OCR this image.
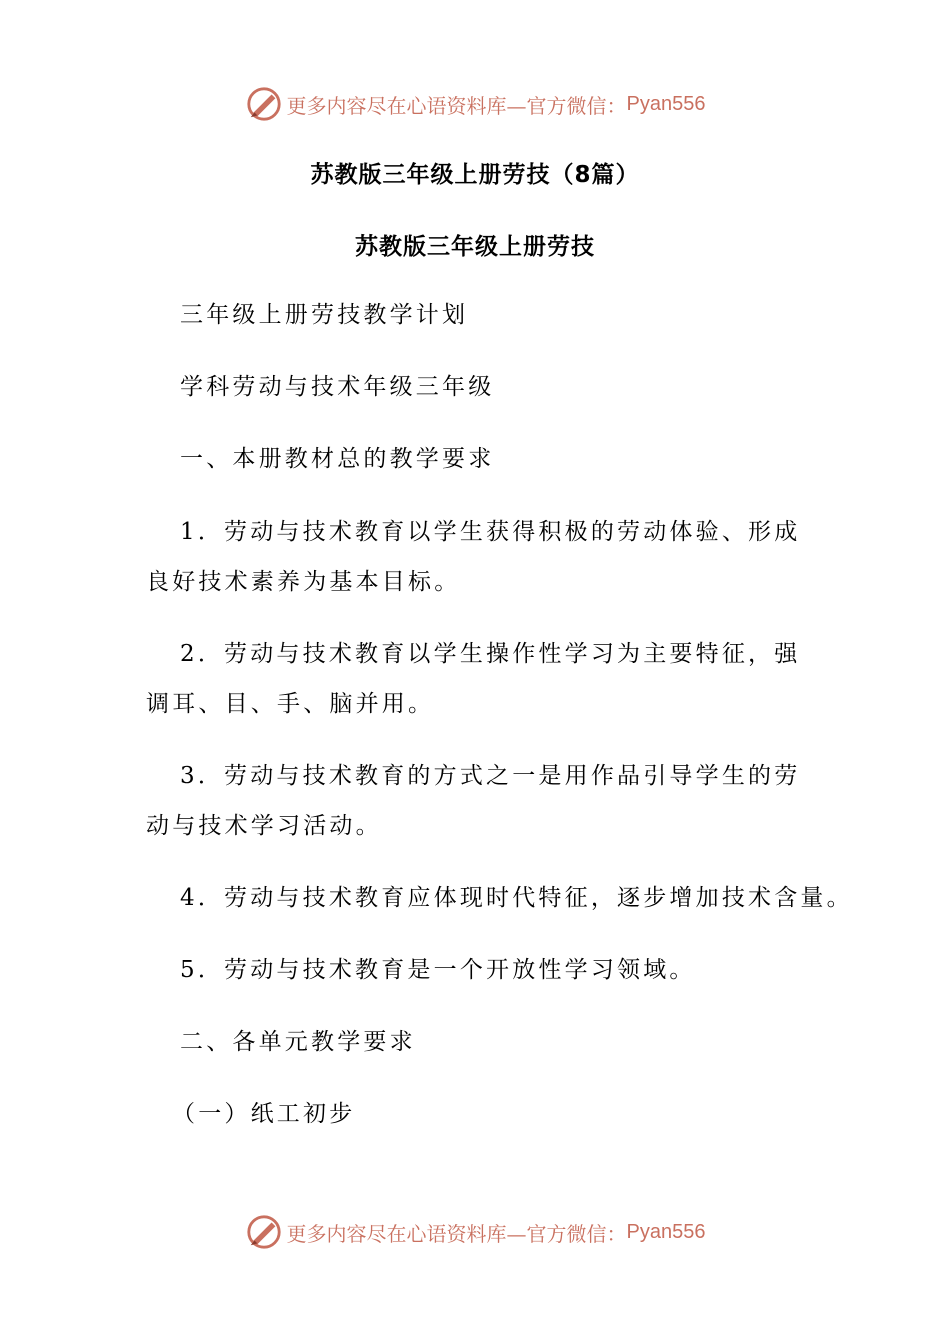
更多内容尽在心语资料库—官方微信： Pyan556
苏教版三年级上册劳技（8篇）
苏教版三年级上册劳技
三年级上册劳技教学计划
学科劳动与技术年级三年级
一、本册教材总的教学要求
1．劳动与技术教育以学生获得积极的劳动体验、形成良好技术素养为基本目标。
2．劳动与技术教育以学生操作性学习为主要特征，强调耳、目、手、脑并用。
3．劳动与技术教育的方式之一是用作品引导学生的劳动与技术学习活动。
4．劳动与技术教育应体现时代特征，逐步增加技术含量。
5．劳动与技术教育是一个开放性学习领域。
二、各单元教学要求
（一）纸工初步
更多内容尽在心语资料库—官方微信： Pyan556
